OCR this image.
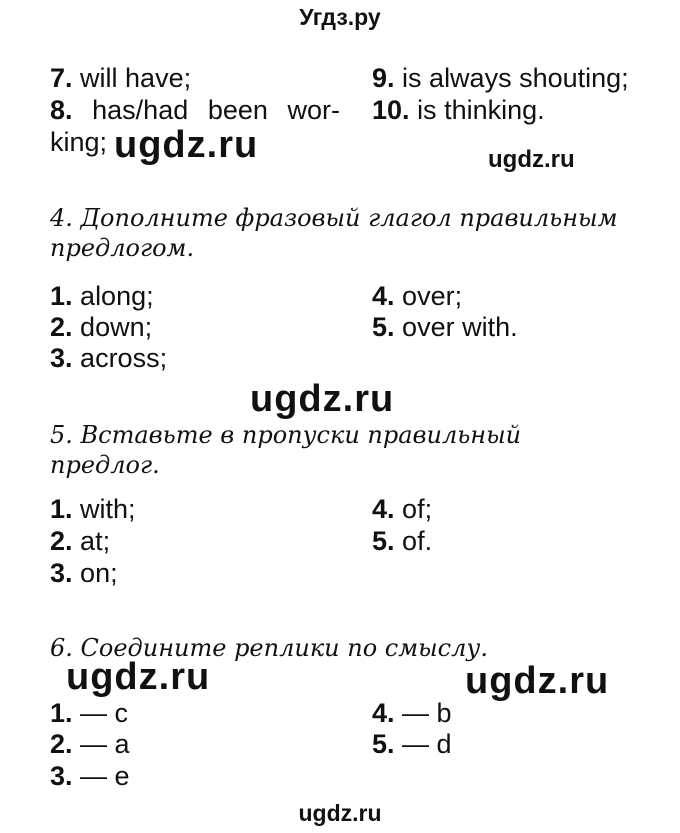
Угдз.ру
7. will have;
8. has/had been wor-king;
9. is always shouting;
10. is thinking.
ugdz.ru	ugdz.ru
4. Дополните фразовый глагол правильным предлогом.
1. along;
2. down;
3. across;
4. over;
5. over with.
ugdz.ru
5. Вставьте в пропуски правильный предлог.
1. with;
2. at;
3. on;
4. of;
5. of.
6. Соедините реплики по смыслу.
ugdz.ru	ugdz.ru
1. — c
2. — a
3. — e
4. — b
5. — d
ugdz.ru
